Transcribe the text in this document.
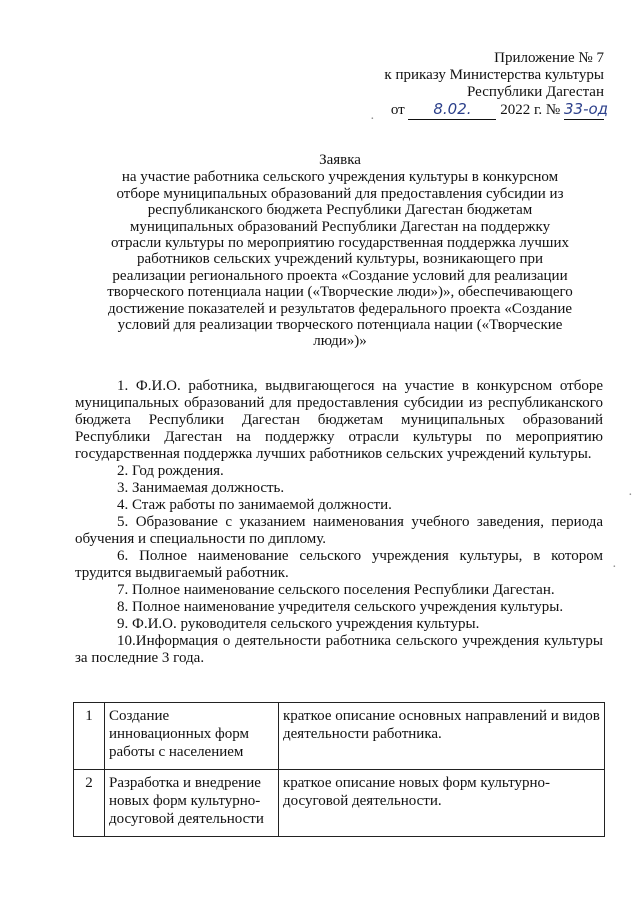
Приложение № 7
к приказу Министерства культуры
Республики Дагестан
от 8.02. 2022 г. № 33-од
Заявка
на участие работника сельского учреждения культуры в конкурсном
отборе муниципальных образований для предоставления субсидии из
республиканского бюджета Республики Дагестан бюджетам
муниципальных образований Республики Дагестан на поддержку
отрасли культуры по мероприятию государственная поддержка лучших
работников сельских учреждений культуры, возникающего при
реализации регионального проекта «Создание условий для реализации
творческого потенциала нации («Творческие люди»)», обеспечивающего
достижение показателей и результатов федерального проекта «Создание
условий для реализации творческого потенциала нации («Творческие
люди»)»
1. Ф.И.О. работника, выдвигающегося на участие в конкурсном отборе муниципальных образований для предоставления субсидии из республиканского бюджета Республики Дагестан бюджетам муниципальных образований Республики Дагестан на поддержку отрасли культуры по мероприятию государственная поддержка лучших работников сельских учреждений культуры.
2. Год рождения.
3. Занимаемая должность.
4. Стаж работы по занимаемой должности.
5. Образование с указанием наименования учебного заведения, периода обучения и специальности по диплому.
6. Полное наименование сельского учреждения культуры, в котором трудится выдвигаемый работник.
7. Полное наименование сельского поселения Республики Дагестан.
8. Полное наименование учредителя сельского учреждения культуры.
9. Ф.И.О. руководителя сельского учреждения культуры.
10.Информация о деятельности работника сельского учреждения культуры за последние 3 года.
1	Создание инновационных форм работы с населением	краткое описание основных направлений и видов деятельности работника.
2	Разработка и внедрение новых форм культурно-досуговой деятельности	краткое описание новых форм культурно-досуговой деятельности.
·
·
·
